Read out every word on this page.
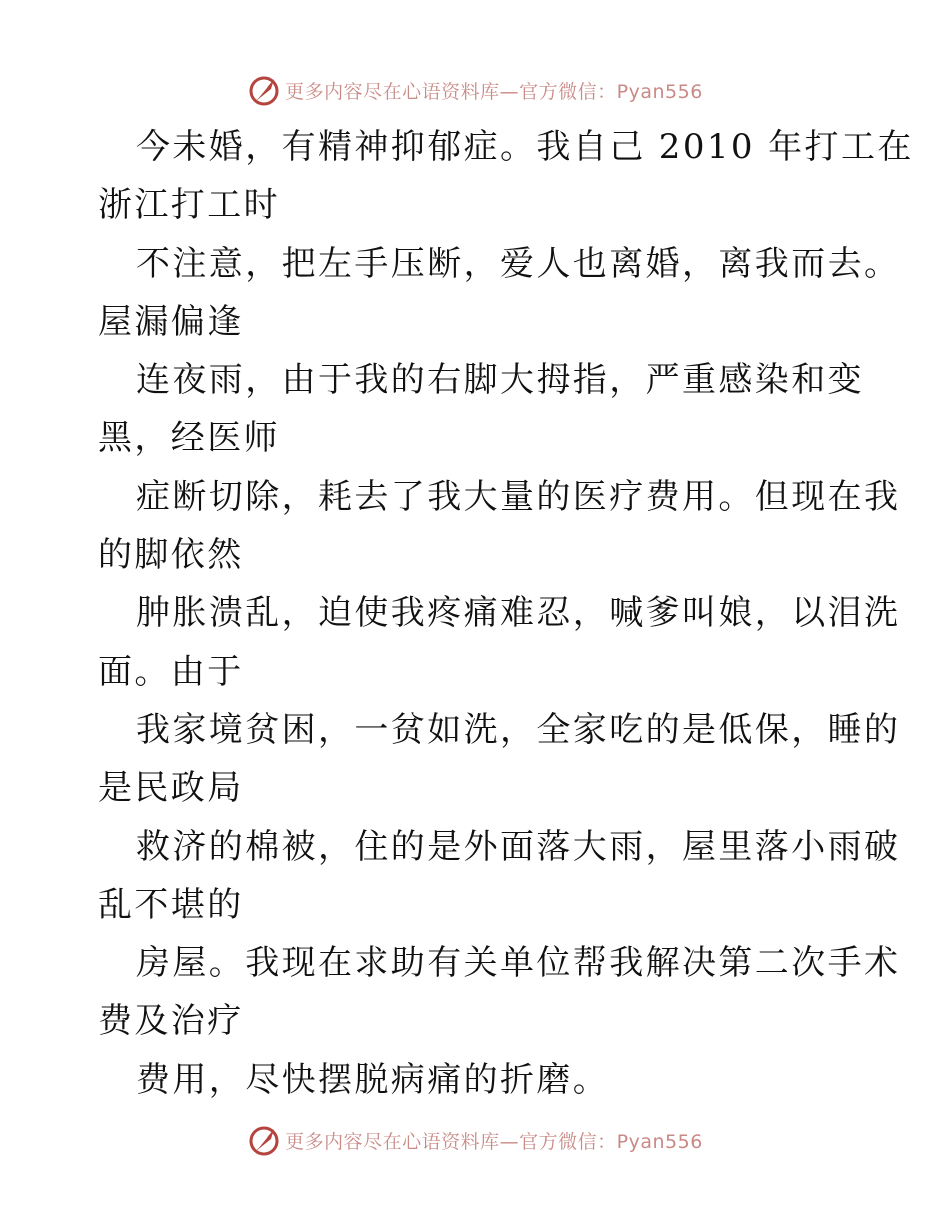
更多内容尽在心语资料库—官方微信：Pyan556

今未婚，有精神抑郁症。我自己 2010 年打工在

浙江打工时

不注意，把左手压断，爱人也离婚，离我而去。

屋漏偏逢

连夜雨，由于我的右脚大拇指，严重感染和变

黑，经医师

症断切除，耗去了我大量的医疗费用。但现在我

的脚依然

肿胀溃乱，迫使我疼痛难忍，喊爹叫娘，以泪洗

面。由于

我家境贫困，一贫如洗，全家吃的是低保，睡的

是民政局

救济的棉被，住的是外面落大雨，屋里落小雨破

乱不堪的

房屋。我现在求助有关单位帮我解决第二次手术

费及治疗

费用，尽快摆脱病痛的折磨。

更多内容尽在心语资料库—官方微信：Pyan556
